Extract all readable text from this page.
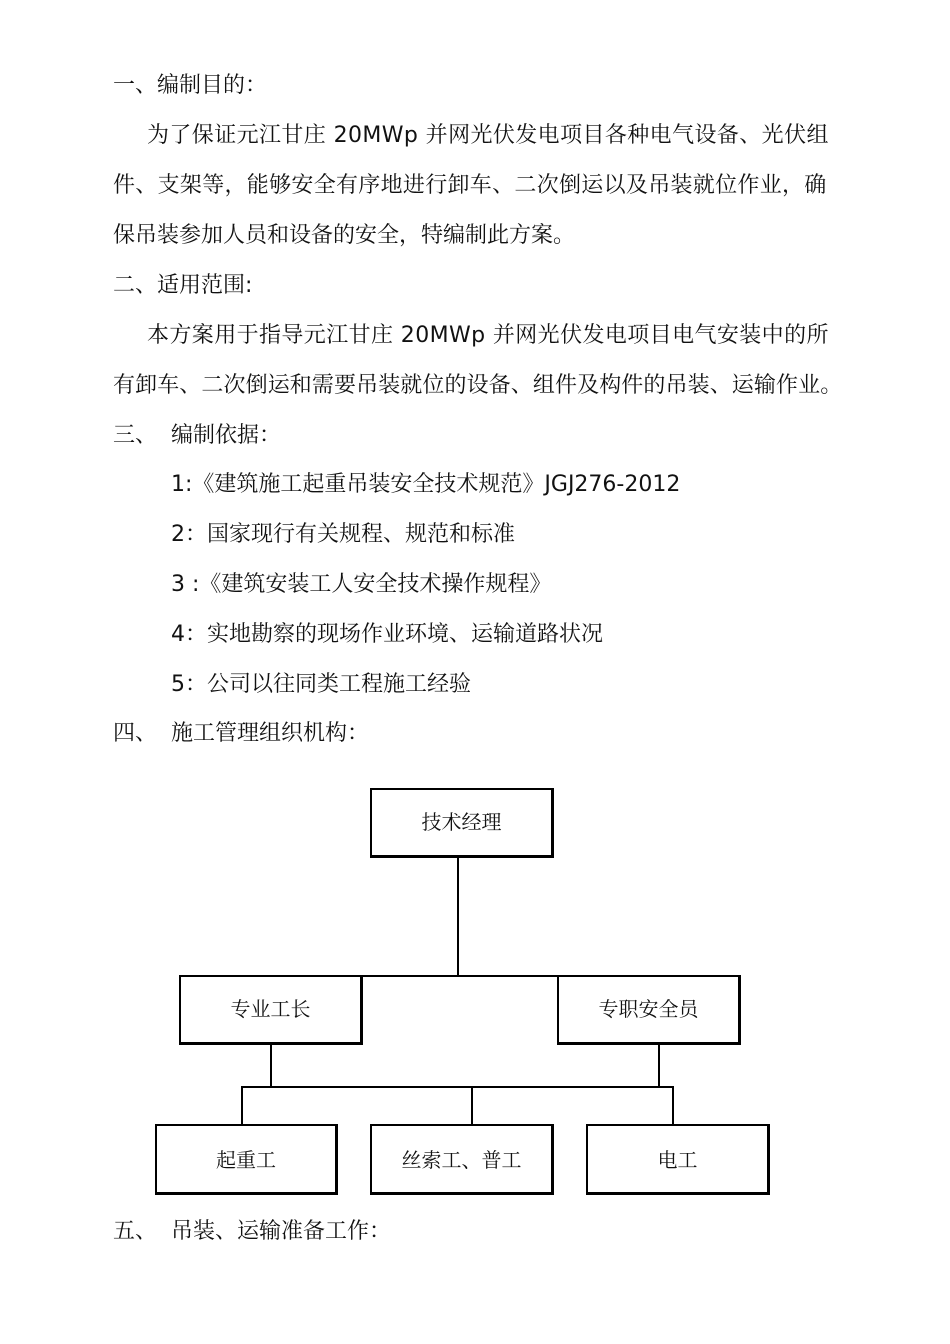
一、编制目的：
为了保证元江甘庄 20MWp 并网光伏发电项目各种电气设备、光伏组
件、支架等，能够安全有序地进行卸车、二次倒运以及吊装就位作业，确
保吊装参加人员和设备的安全，特编制此方案。
二、适用范围:
本方案用于指导元江甘庄 20MWp 并网光伏发电项目电气安装中的所
有卸车、二次倒运和需要吊装就位的设备、组件及构件的吊装、运输作业。
三、 编制依据：
1:《建筑施工起重吊装安全技术规范》JGJ276-2012
2：国家现行有关规程、规范和标准
3 :《建筑安装工人安全技术操作规程》
4：实地勘察的现场作业环境、运输道路状况
5：公司以往同类工程施工经验
四、 施工管理组织机构：
技术经理
专业工长	专职安全员
起重工	丝索工、普工	电工
五、 吊装、运输准备工作：
